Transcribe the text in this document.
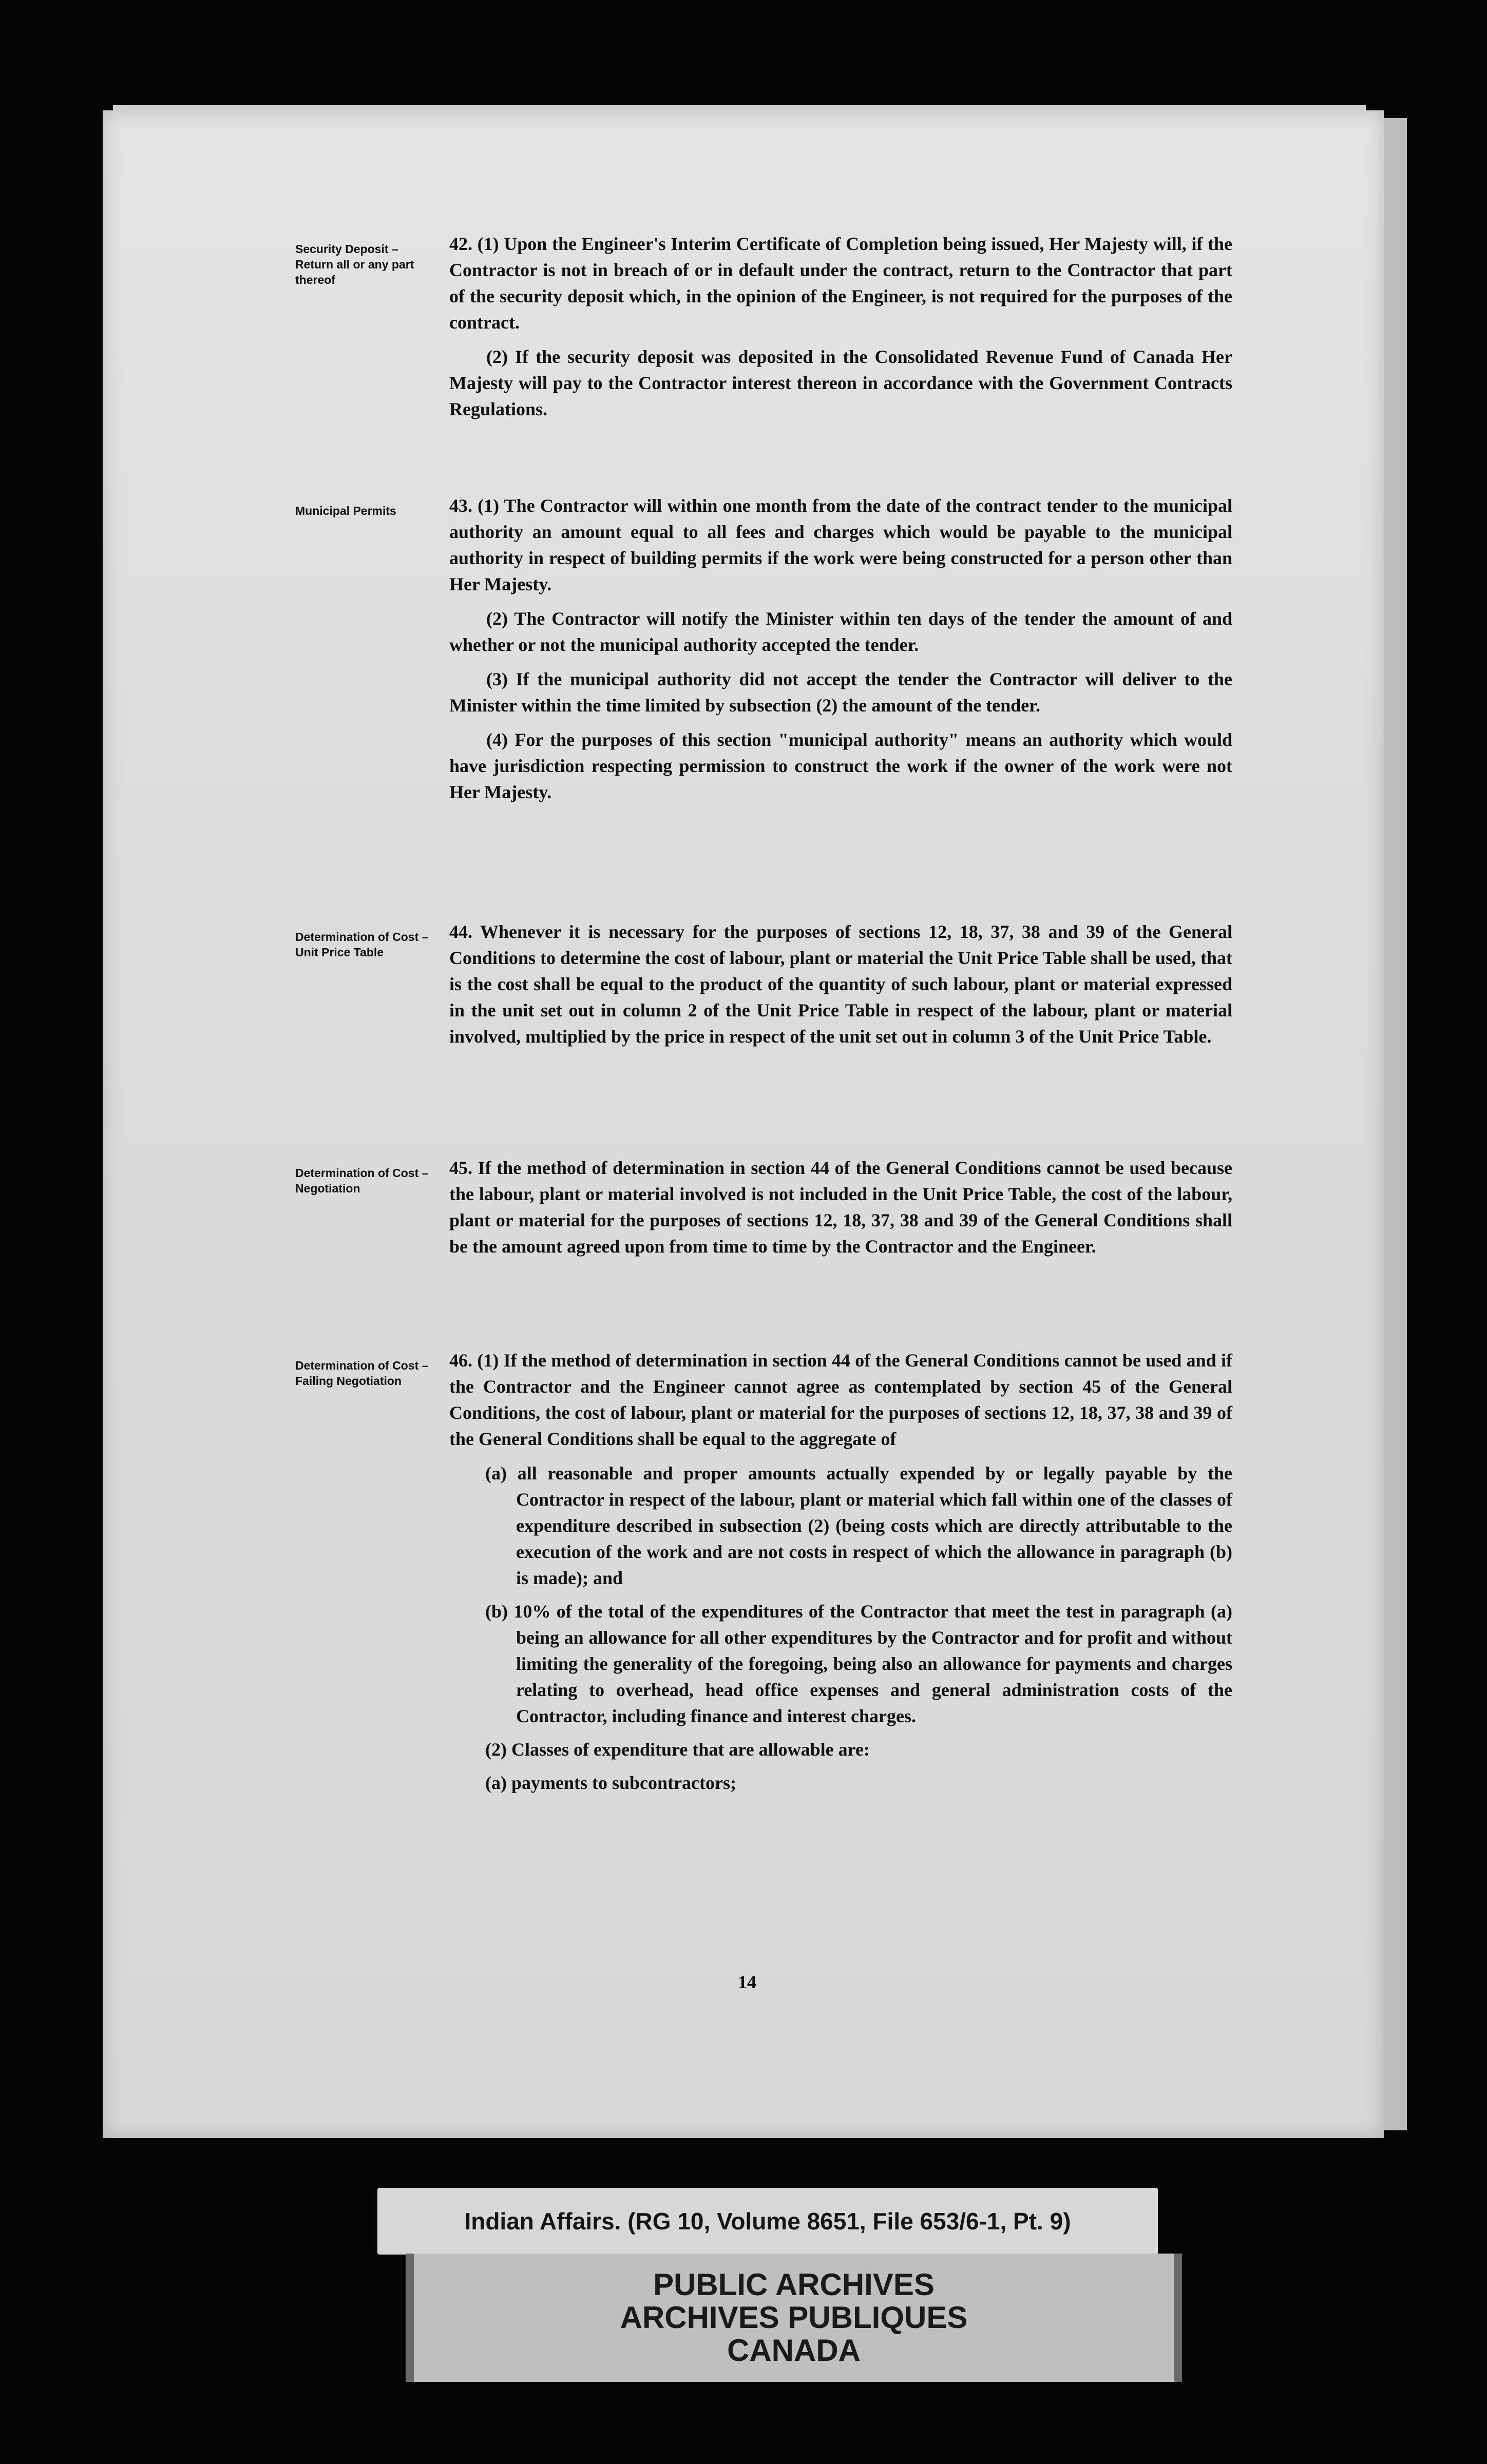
Security Deposit – Return all or any part thereof
Municipal Permits
Determination of Cost – Unit Price Table
Determination of Cost – Negotiation
Determination of Cost – Failing Negotiation

42. (1) Upon the Engineer's Interim Certificate of Completion being issued, Her Majesty will, if the Contractor is not in breach of or in default under the contract, return to the Contractor that part of the security deposit which, in the opinion of the Engineer, is not required for the purposes of the contract.

(2) If the security deposit was deposited in the Consolidated Revenue Fund of Canada Her Majesty will pay to the Contractor interest thereon in accordance with the Government Contracts Regulations.

43. (1) The Contractor will within one month from the date of the contract tender to the municipal authority an amount equal to all fees and charges which would be payable to the municipal authority in respect of building permits if the work were being constructed for a person other than Her Majesty.

(2) The Contractor will notify the Minister within ten days of the tender the amount of and whether or not the municipal authority accepted the tender.

(3) If the municipal authority did not accept the tender the Contractor will deliver to the Minister within the time limited by subsection (2) the amount of the tender.

(4) For the purposes of this section "municipal authority" means an authority which would have jurisdiction respecting permission to construct the work if the owner of the work were not Her Majesty.

44. Whenever it is necessary for the purposes of sections 12, 18, 37, 38 and 39 of the General Conditions to determine the cost of labour, plant or material the Unit Price Table shall be used, that is the cost shall be equal to the product of the quantity of such labour, plant or material expressed in the unit set out in column 2 of the Unit Price Table in respect of the labour, plant or material involved, multiplied by the price in respect of the unit set out in column 3 of the Unit Price Table.

45. If the method of determination in section 44 of the General Conditions cannot be used because the labour, plant or material involved is not included in the Unit Price Table, the cost of the labour, plant or material for the purposes of sections 12, 18, 37, 38 and 39 of the General Conditions shall be the amount agreed upon from time to time by the Contractor and the Engineer.

46. (1) If the method of determination in section 44 of the General Conditions cannot be used and if the Contractor and the Engineer cannot agree as contemplated by section 45 of the General Conditions, the cost of labour, plant or material for the purposes of sections 12, 18, 37, 38 and 39 of the General Conditions shall be equal to the aggregate of

(a) all reasonable and proper amounts actually expended by or legally payable by the Contractor in respect of the labour, plant or material which fall within one of the classes of expenditure described in subsection (2) (being costs which are directly attributable to the execution of the work and are not costs in respect of which the allowance in paragraph (b) is made); and

(b) 10% of the total of the expenditures of the Contractor that meet the test in paragraph (a) being an allowance for all other expenditures by the Contractor and for profit and without limiting the generality of the foregoing, being also an allowance for payments and charges relating to overhead, head office expenses and general administration costs of the Contractor, including finance and interest charges.

(2) Classes of expenditure that are allowable are:

(a) payments to subcontractors;

14
Indian Affairs. (RG 10, Volume 8651, File 653/6-1, Pt. 9)
PUBLIC ARCHIVES
ARCHIVES PUBLIQUES
CANADA
